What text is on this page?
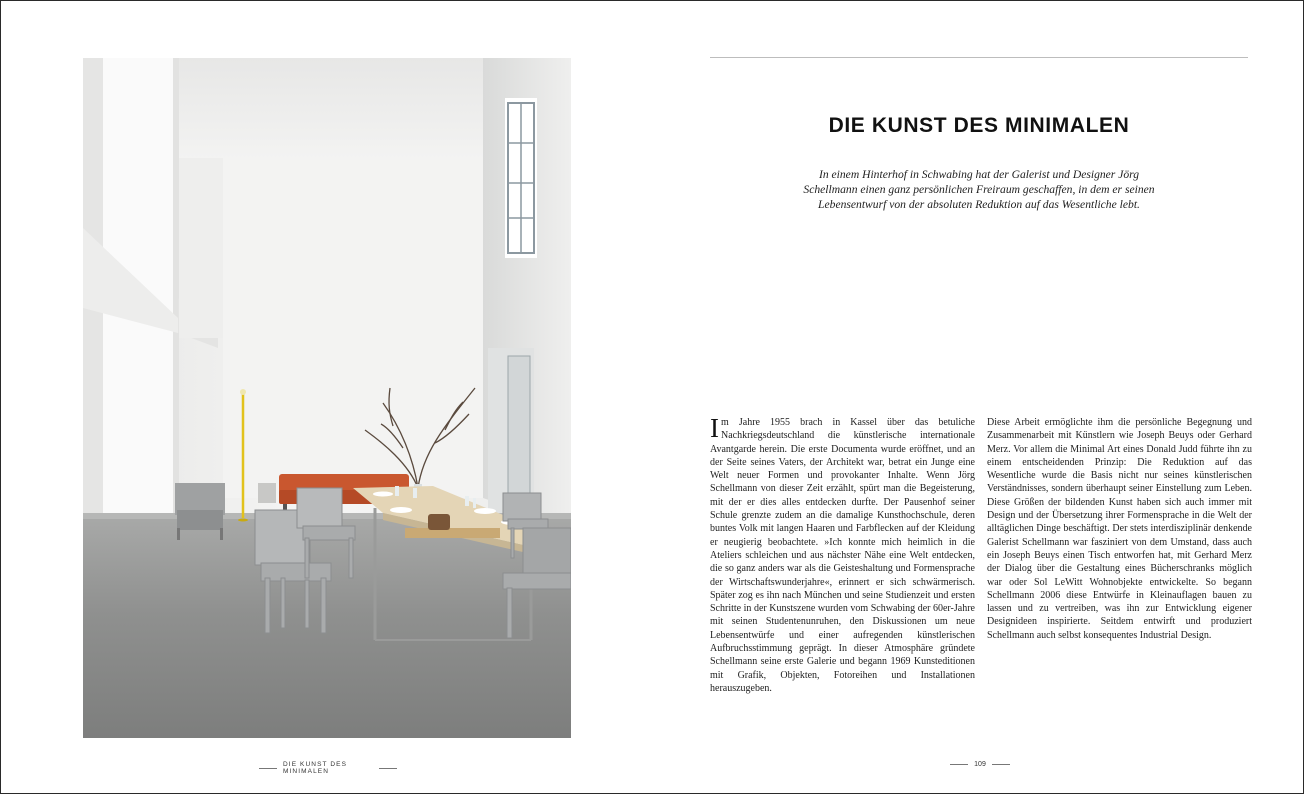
DIE KUNST DES MINIMALEN
DIE KUNST DES MINIMALEN

In einem Hinterhof in Schwabing hat der Galerist und Designer Jörg Schellmann einen ganz persönlichen Freiraum geschaffen, in dem er seinen Lebensentwurf von der absoluten Reduktion auf das Wesentliche lebt.

Im Jahre 1955 brach in Kassel über das betuliche Nachkriegsdeutschland die künstlerische internationale Avantgarde herein. Die erste Documenta wurde eröffnet, und an der Seite seines Vaters, der Architekt war, betrat ein Junge eine Welt neuer Formen und provokanter Inhalte. Wenn Jörg Schellmann von dieser Zeit erzählt, spürt man die Begeisterung, mit der er dies alles entdecken durfte. Der Pausenhof seiner Schule grenzte zudem an die damalige Kunsthochschule, deren buntes Volk mit langen Haaren und Farbflecken auf der Kleidung er neugierig beobachtete. »Ich konnte mich heimlich in die Ateliers schleichen und aus nächster Nähe eine Welt entdecken, die so ganz anders war als die Geisteshaltung und Formensprache der Wirtschaftswunderjahre«, erinnert er sich schwärmerisch. Später zog es ihn nach München und seine Studienzeit und ersten Schritte in der Kunstszene wurden vom Schwabing der 60er-Jahre mit seinen Studentenunruhen, den Diskussionen um neue Lebensentwürfe und einer aufregenden künstlerischen Aufbruchsstimmung geprägt. In dieser Atmosphäre gründete Schellmann seine erste Galerie und begann 1969 Kunsteditionen mit Grafik, Objekten, Fotoreihen und Installationen herauszugeben.

Diese Arbeit ermöglichte ihm die persönliche Begegnung und Zusammenarbeit mit Künstlern wie Joseph Beuys oder Gerhard Merz. Vor allem die Minimal Art eines Donald Judd führte ihn zu einem entscheidenden Prinzip: Die Reduktion auf das Wesentliche wurde die Basis nicht nur seines künstlerischen Verständnisses, sondern überhaupt seiner Einstellung zum Leben. Diese Größen der bildenden Kunst haben sich auch immer mit Design und der Übersetzung ihrer Formensprache in die Welt der alltäglichen Dinge beschäftigt. Der stets interdisziplinär denkende Galerist Schellmann war fasziniert von dem Umstand, dass auch ein Joseph Beuys einen Tisch entworfen hat, mit Gerhard Merz der Dialog über die Gestaltung eines Bücherschranks möglich war oder Sol LeWitt Wohnobjekte entwickelte. So begann Schellmann 2006 diese Entwürfe in Kleinauflagen bauen zu lassen und zu vertreiben, was ihn zur Entwicklung eigener Designideen inspirierte. Seitdem entwirft und produziert Schellmann auch selbst konsequentes Industrial Design.

109
